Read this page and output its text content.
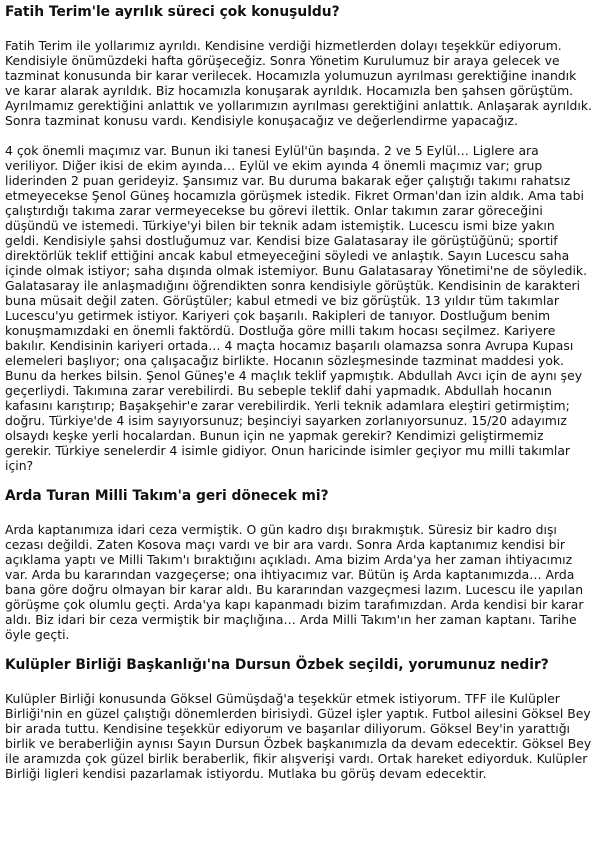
Fatih Terim'le ayrılık süreci çok konuşuldu?

Fatih Terim ile yollarımız ayrıldı. Kendisine verdiği hizmetlerden dolayı teşekkür ediyorum. Kendisiyle önümüzdeki hafta görüşeceğiz. Sonra Yönetim Kurulumuz bir araya gelecek ve tazminat konusunda bir karar verilecek. Hocamızla yolumuzun ayrılması gerektiğine inandık ve karar alarak ayrıldık. Biz hocamızla konuşarak ayrıldık. Hocamızla ben şahsen görüştüm. Ayrılmamız gerektiğini anlattık ve yollarımızın ayrılması gerektiğini anlattık. Anlaşarak ayrıldık. Sonra tazminat konusu vardı. Kendisiyle konuşacağız ve değerlendirme yapacağız.

4 çok önemli maçımız var. Bunun iki tanesi Eylül'ün başında. 2 ve 5 Eylül… Liglere ara veriliyor. Diğer ikisi de ekim ayında… Eylül ve ekim ayında 4 önemli maçımız var; grup liderinden 2 puan gerideyiz. Şansımız var. Bu duruma bakarak eğer çalıştığı takımı rahatsız etmeyecekse Şenol Güneş hocamızla görüşmek istedik. Fikret Orman'dan izin aldık. Ama tabi çalıştırdığı takıma zarar vermeyecekse bu görevi ilettik. Onlar takımın zarar göreceğini düşündü ve istemedi. Türkiye'yi bilen bir teknik adam istemiştik. Lucescu ismi bize yakın geldi. Kendisiyle şahsi dostluğumuz var. Kendisi bize Galatasaray ile görüştüğünü; sportif direktörlük teklif ettiğini ancak kabul etmeyeceğini söyledi ve anlaştık. Sayın Lucescu saha içinde olmak istiyor; saha dışında olmak istemiyor. Bunu Galatasaray Yönetimi'ne de söyledik. Galatasaray ile anlaşmadığını öğrendikten sonra kendisiyle görüştük. Kendisinin de karakteri buna müsait değil zaten. Görüştüler; kabul etmedi ve biz görüştük. 13 yıldır tüm takımlar Lucescu'yu getirmek istiyor. Kariyeri çok başarılı. Rakipleri de tanıyor. Dostluğum benim konuşmamızdaki en önemli faktördü. Dostluğa göre milli takım hocası seçilmez. Kariyere bakılır. Kendisinin kariyeri ortada… 4 maçta hocamız başarılı olamazsa sonra Avrupa Kupası elemeleri başlıyor; ona çalışacağız birlikte. Hocanın sözleşmesinde tazminat maddesi yok. Bunu da herkes bilsin. Şenol Güneş'e 4 maçlık teklif yapmıştık. Abdullah Avcı için de aynı şey geçerliydi. Takımına zarar verebilirdi. Bu sebeple teklif dahi yapmadık. Abdullah hocanın kafasını karıştırıp; Başakşehir'e zarar verebilirdik. Yerli teknik adamlara eleştiri getirmiştim; doğru. Türkiye'de 4 isim sayıyorsunuz; beşinciyi sayarken zorlanıyorsunuz. 15/20 adayımız olsaydı keşke yerli hocalardan. Bunun için ne yapmak gerekir? Kendimizi geliştirmemiz gerekir. Türkiye senelerdir 4 isimle gidiyor. Onun haricinde isimler geçiyor mu milli takımlar için?

Arda Turan Milli Takım'a geri dönecek mi?

Arda kaptanımıza idari ceza vermiştik. O gün kadro dışı bırakmıştık. Süresiz bir kadro dışı cezası değildi. Zaten Kosova maçı vardı ve bir ara vardı. Sonra Arda kaptanımız kendisi bir açıklama yaptı ve Milli Takım'ı bıraktığını açıkladı. Ama bizim Arda'ya her zaman ihtiyacımız var. Arda bu kararından vazgeçerse; ona ihtiyacımız var. Bütün iş Arda kaptanımızda… Arda bana göre doğru olmayan bir karar aldı. Bu kararından vazgeçmesi lazım. Lucescu ile yapılan görüşme çok olumlu geçti. Arda'ya kapı kapanmadı bizim tarafımızdan. Arda kendisi bir karar aldı. Biz idari bir ceza vermiştik bir maçlığına… Arda Milli Takım'ın her zaman kaptanı. Tarihe öyle geçti.

Kulüpler Birliği Başkanlığı'na Dursun Özbek seçildi, yorumunuz nedir?

Kulüpler Birliği konusunda Göksel Gümüşdağ'a teşekkür etmek istiyorum. TFF ile Kulüpler Birliği'nin en güzel çalıştığı dönemlerden birisiydi. Güzel işler yaptık. Futbol ailesini Göksel Bey bir arada tuttu. Kendisine teşekkür ediyorum ve başarılar diliyorum. Göksel Bey'in yarattığı birlik ve beraberliğin aynısı Sayın Dursun Özbek başkanımızla da devam edecektir. Göksel Bey ile aramızda çok güzel birlik beraberlik, fikir alışverişi vardı. Ortak hareket ediyorduk. Kulüpler Birliği ligleri kendisi pazarlamak istiyordu. Mutlaka bu görüş devam edecektir.
